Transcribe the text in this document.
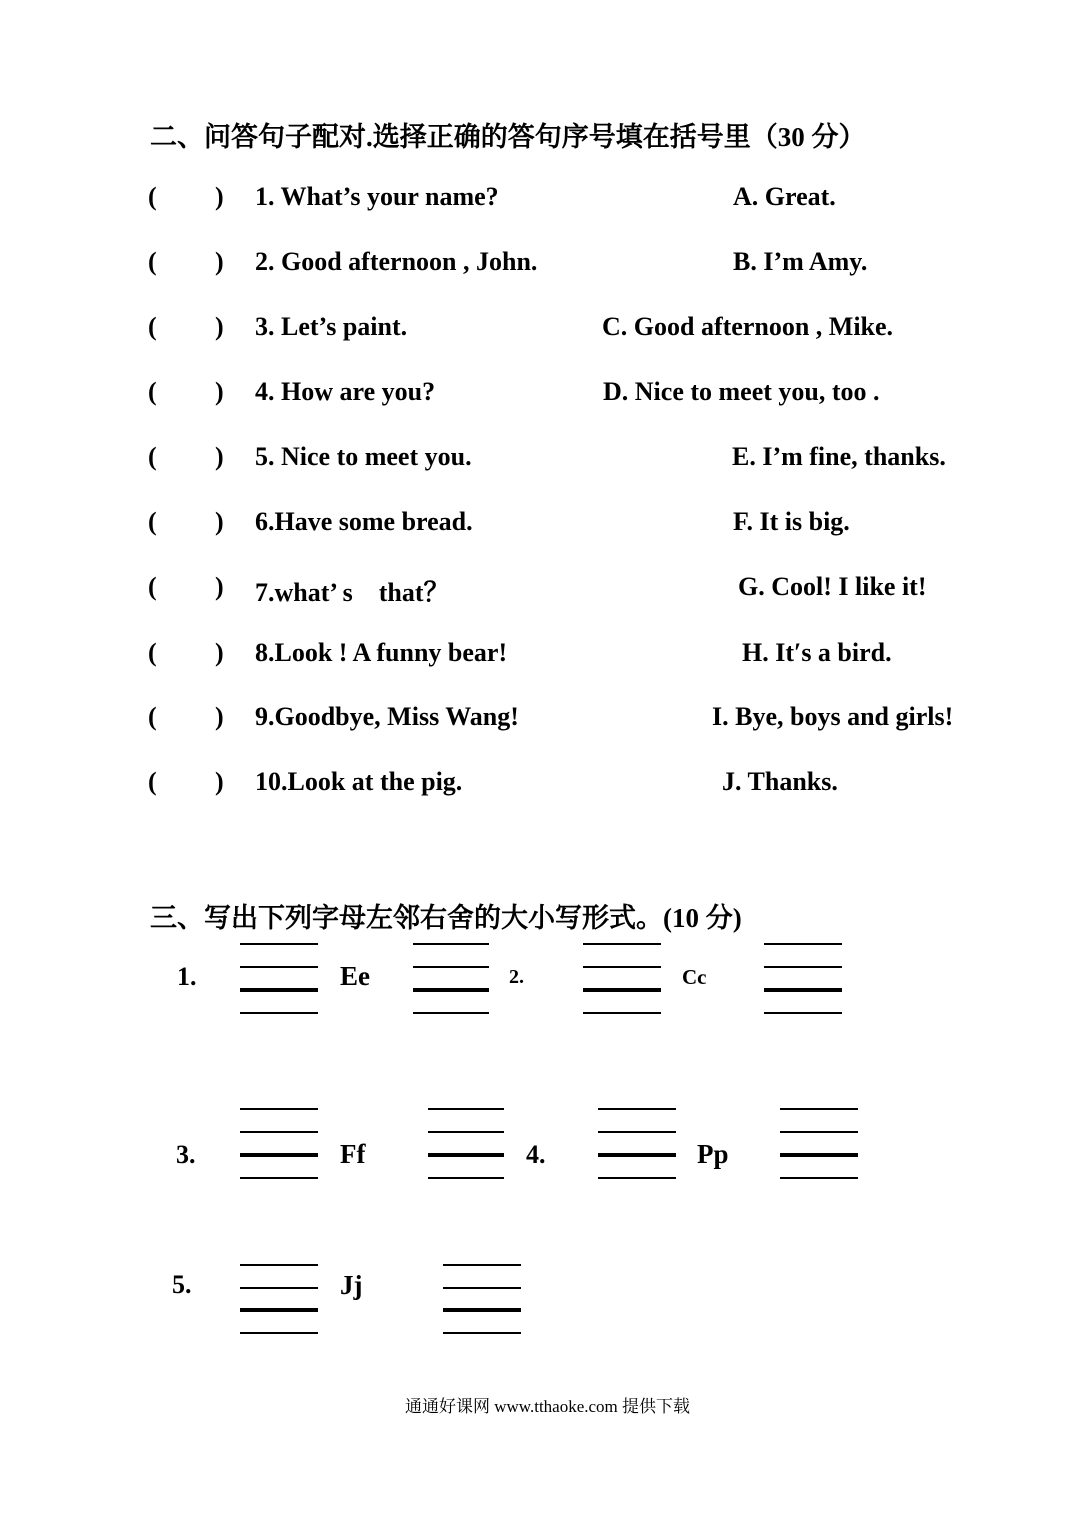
二、问答句子配对.选择正确的答句序号填在括号里（30 分）
( ) 1. What’s your name?	A. Great.
( ) 2. Good afternoon , John.	B. I’m Amy.
( ) 3. Let’s paint.	C. Good afternoon , Mike.
( ) 4. How are you?	D. Nice to meet you, too .
( ) 5. Nice to meet you.	E. I’m fine, thanks.
( ) 6.Have some bread.	F. It is big.
( ) 7.what’ s　that？	G. Cool! I like it!
( ) 8.Look ! A funny bear!	H. It′s a bird.
( ) 9.Goodbye, Miss Wang!	I. Bye, boys and girls!
( ) 10.Look at the pig.	J. Thanks.
三、写出下列字母左邻右舍的大小写形式。(10 分)
1.	Ee	2.	Cc
3.	Ff	4.	Pp
5.	Jj
通通好课网 www.tthaoke.com 提供下载
